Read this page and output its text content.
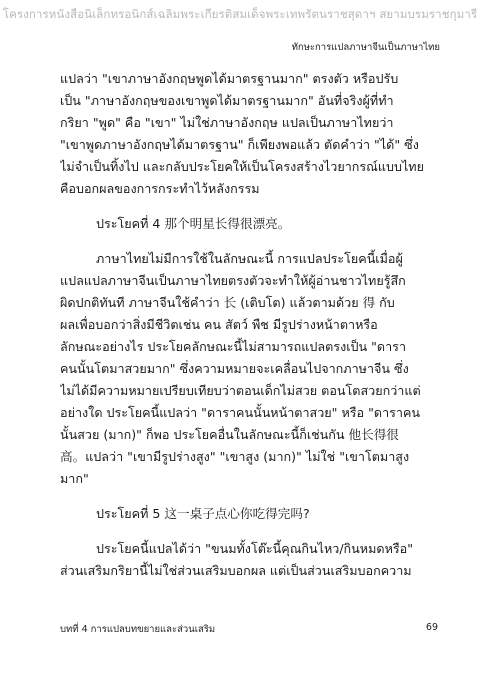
โครงการหนังสือนิเล็กทรอนิกส์เฉลิมพระเกียรติสมเด็จพระเทพรัตนราชสุดาฯ สยามบรมราชกุมารี
ทักษะการแปลภาษาจีนเป็นภาษาไทย

แปลว่า "เขาภาษาอังกฤษพูดได้มาตรฐานมาก" ตรงตัว หรือปรับ
เป็น "ภาษาอังกฤษของเขาพูดได้มาตรฐานมาก" อันที่จริงผู้ที่ทำ
กริยา "พูด" คือ "เขา" ไม่ใช่ภาษาอังกฤษ แปลเป็นภาษาไทยว่า
"เขาพูดภาษาอังกฤษได้มาตรฐาน" ก็เพียงพอแล้ว ตัดคำว่า "ได้" ซึ่ง
ไม่จำเป็นทิ้งไป และกลับประโยคให้เป็นโครงสร้างไวยากรณ์แบบไทย
คือบอกผลของการกระทำไว้หลังกรรม

ประโยคที่ 4 那个明星长得很漂亮。

ภาษาไทยไม่มีการใช้ในลักษณะนี้ การแปลประโยคนี้เมื่อผู้
แปลแปลภาษาจีนเป็นภาษาไทยตรงตัวจะทำให้ผู้อ่านชาวไทยรู้สึก
ผิดปกติทันที ภาษาจีนใช้คำว่า 长 (เติบโต) แล้วตามด้วย 得 กับ
ผลเพื่อบอกว่าสิ่งมีชีวิตเช่น คน สัตว์ พืช มีรูปร่างหน้าตาหรือ
ลักษณะอย่างไร ประโยคลักษณะนี้ไม่สามารถแปลตรงเป็น "ดารา
คนนั้นโตมาสวยมาก" ซึ่งความหมายจะเคลื่อนไปจากภาษาจีน ซึ่ง
ไม่ได้มีความหมายเปรียบเทียบว่าตอนเด็กไม่สวย ตอนโตสวยกว่าแต่
อย่างใด ประโยคนี้แปลว่า "ดาราคนนั้นหน้าตาสวย" หรือ "ดาราคน
นั้นสวย (มาก)" ก็พอ ประโยคอื่นในลักษณะนี้ก็เช่นกัน 他长得很
高。แปลว่า "เขามีรูปร่างสูง" "เขาสูง (มาก)" ไม่ใช่ "เขาโตมาสูง
มาก"

ประโยคที่ 5 这一桌子点心你吃得完吗?

ประโยคนี้แปลได้ว่า "ขนมทั้งโต๊ะนี้คุณกินไหว/กินหมดหรือ"
ส่วนเสริมกริยานี้ไม่ใช่ส่วนเสริมบอกผล แต่เป็นส่วนเสริมบอกความ

บทที่ 4 การแปลบทขยายและส่วนเสริม	69
